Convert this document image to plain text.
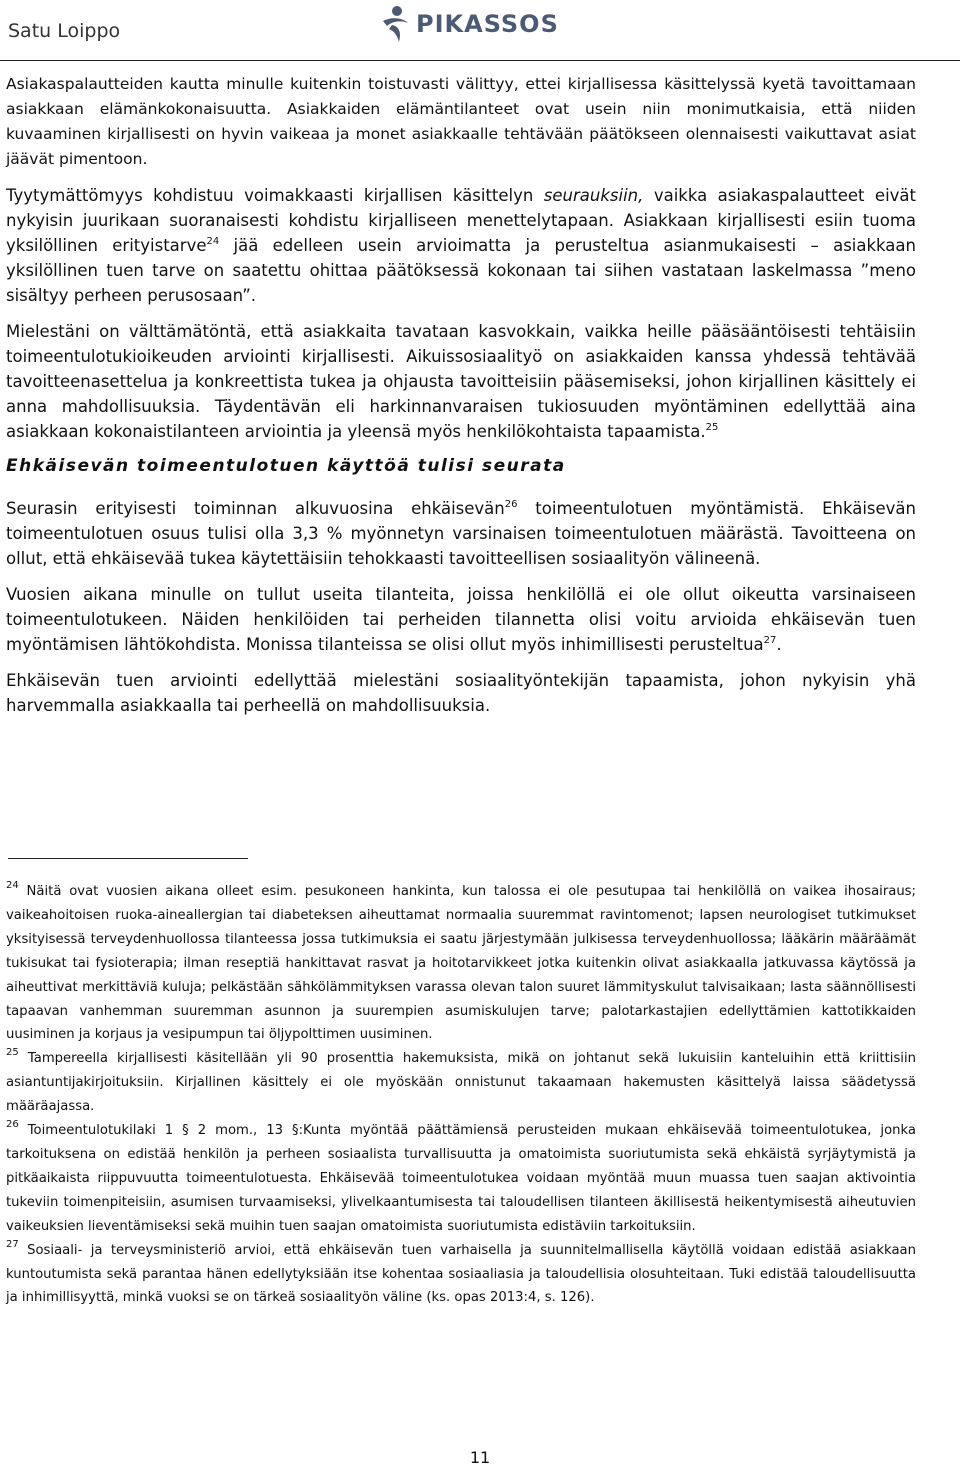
Satu Loippo	PIKASSOS

Asiakaspalautteiden kautta minulle kuitenkin toistuvasti välittyy, ettei kirjallisessa käsittelyssä kyetä tavoittamaan asiakkaan elämänkokonaisuutta. Asiakkaiden elämäntilanteet ovat usein niin monimutkaisia, että niiden kuvaaminen kirjallisesti on hyvin vaikeaa ja monet asiakkaalle tehtävään päätökseen olennaisesti vaikuttavat asiat jäävät pimentoon.

Tyytymättömyys kohdistuu voimakkaasti kirjallisen käsittelyn seurauksiin, vaikka asiakaspalautteet eivät nykyisin juurikaan suoranaisesti kohdistu kirjalliseen menettelytapaan. Asiakkaan kirjallisesti esiin tuoma yksilöllinen erityistarve$^{24}$ jää edelleen usein arvioimatta ja perusteltua asianmukaisesti – asiakkaan yksilöllinen tuen tarve on saatettu ohittaa päätöksessä kokonaan tai siihen vastataan laskelmassa ”meno sisältyy perheen perusosaan”.

Mielestäni on välttämätöntä, että asiakkaita tavataan kasvokkain, vaikka heille pääsääntöisesti tehtäisiin toimeentulotukioikeuden arviointi kirjallisesti. Aikuissosiaalityö on asiakkaiden kanssa yhdessä tehtävää tavoitteenasettelua ja konkreettista tukea ja ohjausta tavoitteisiin pääsemiseksi, johon kirjallinen käsittely ei anna mahdollisuuksia. Täydentävän eli harkinnanvaraisen tukiosuuden myöntäminen edellyttää aina asiakkaan kokonaistilanteen arviointia ja yleensä myös henkilökohtaista tapaamista.$^{25}$

Ehkäisevän toimeentulotuen käyttöä tulisi seurata

Seurasin erityisesti toiminnan alkuvuosina ehkäisevän$^{26}$ toimeentulotuen myöntämistä. Ehkäisevän toimeentulotuen osuus tulisi olla 3,3 % myönnetyn varsinaisen toimeentulotuen määrästä. Tavoitteena on ollut, että ehkäisevää tukea käytettäisiin tehokkaasti tavoitteellisen sosiaalityön välineenä.

Vuosien aikana minulle on tullut useita tilanteita, joissa henkilöllä ei ole ollut oikeutta varsinaiseen toimeentulotukeen. Näiden henkilöiden tai perheiden tilannetta olisi voitu arvioida ehkäisevän tuen myöntämisen lähtökohdista. Monissa tilanteissa se olisi ollut myös inhimillisesti perusteltua$^{27}$.

Ehkäisevän tuen arviointi edellyttää mielestäni sosiaalityöntekijän tapaamista, johon nykyisin yhä harvemmalla asiakkaalla tai perheellä on mahdollisuuksia.

$^{24}$ Näitä ovat vuosien aikana olleet esim. pesukoneen hankinta, kun talossa ei ole pesutupaa tai henkilöllä on vaikea ihosairaus; vaikeahoitoisen ruoka-aineallergian tai diabeteksen aiheuttamat normaalia suuremmat ravintomenot; lapsen neurologiset tutkimukset yksityisessä terveydenhuollossa tilanteessa jossa tutkimuksia ei saatu järjestymään julkisessa terveydenhuollossa; lääkärin määräämät tukisukat tai fysioterapia; ilman reseptiä hankittavat rasvat ja hoitotarvikkeet jotka kuitenkin olivat asiakkaalla jatkuvassa käytössä ja aiheuttivat merkittäviä kuluja; pelkästään sähkölämmityksen varassa olevan talon suuret lämmityskulut talvisaikaan; lasta säännöllisesti tapaavan vanhemman suuremman asunnon ja suurempien asumiskulujen tarve; palotarkastajien edellyttämien kattotikkaiden uusiminen ja korjaus ja vesipumpun tai öljypolttimen uusiminen.

$^{25}$ Tampereella kirjallisesti käsitellään yli 90 prosenttia hakemuksista, mikä on johtanut sekä lukuisiin kanteluihin että kriittisiin asiantuntijakirjoituksiin. Kirjallinen käsittely ei ole myöskään onnistunut takaamaan hakemusten käsittelyä laissa säädetyssä määräajassa.

$^{26}$ Toimeentulotukilaki 1 § 2 mom., 13 §:Kunta myöntää päättämiensä perusteiden mukaan ehkäisevää toimeentulotukea, jonka tarkoituksena on edistää henkilön ja perheen sosiaalista turvallisuutta ja omatoimista suoriutumista sekä ehkäistä syrjäytymistä ja pitkäaikaista riippuvuutta toimeentulotuesta. Ehkäisevää toimeentulotukea voidaan myöntää muun muassa tuen saajan aktivointia tukeviin toimenpiteisiin, asumisen turvaamiseksi, ylivelkaantumisesta tai taloudellisen tilanteen äkillisestä heikentymisestä aiheutuvien vaikeuksien lieventämiseksi sekä muihin tuen saajan omatoimista suoriutumista edistäviin tarkoituksiin.

$^{27}$ Sosiaali- ja terveysministeriö arvioi, että ehkäisevän tuen varhaisella ja suunnitelmallisella käytöllä voidaan edistää asiakkaan kuntoutumista sekä parantaa hänen edellytyksiään itse kohentaa sosiaaliasia ja taloudellisia olosuhteitaan. Tuki edistää taloudellisuutta ja inhimillisyyttä, minkä vuoksi se on tärkeä sosiaalityön väline (ks. opas 2013:4, s. 126).

11
